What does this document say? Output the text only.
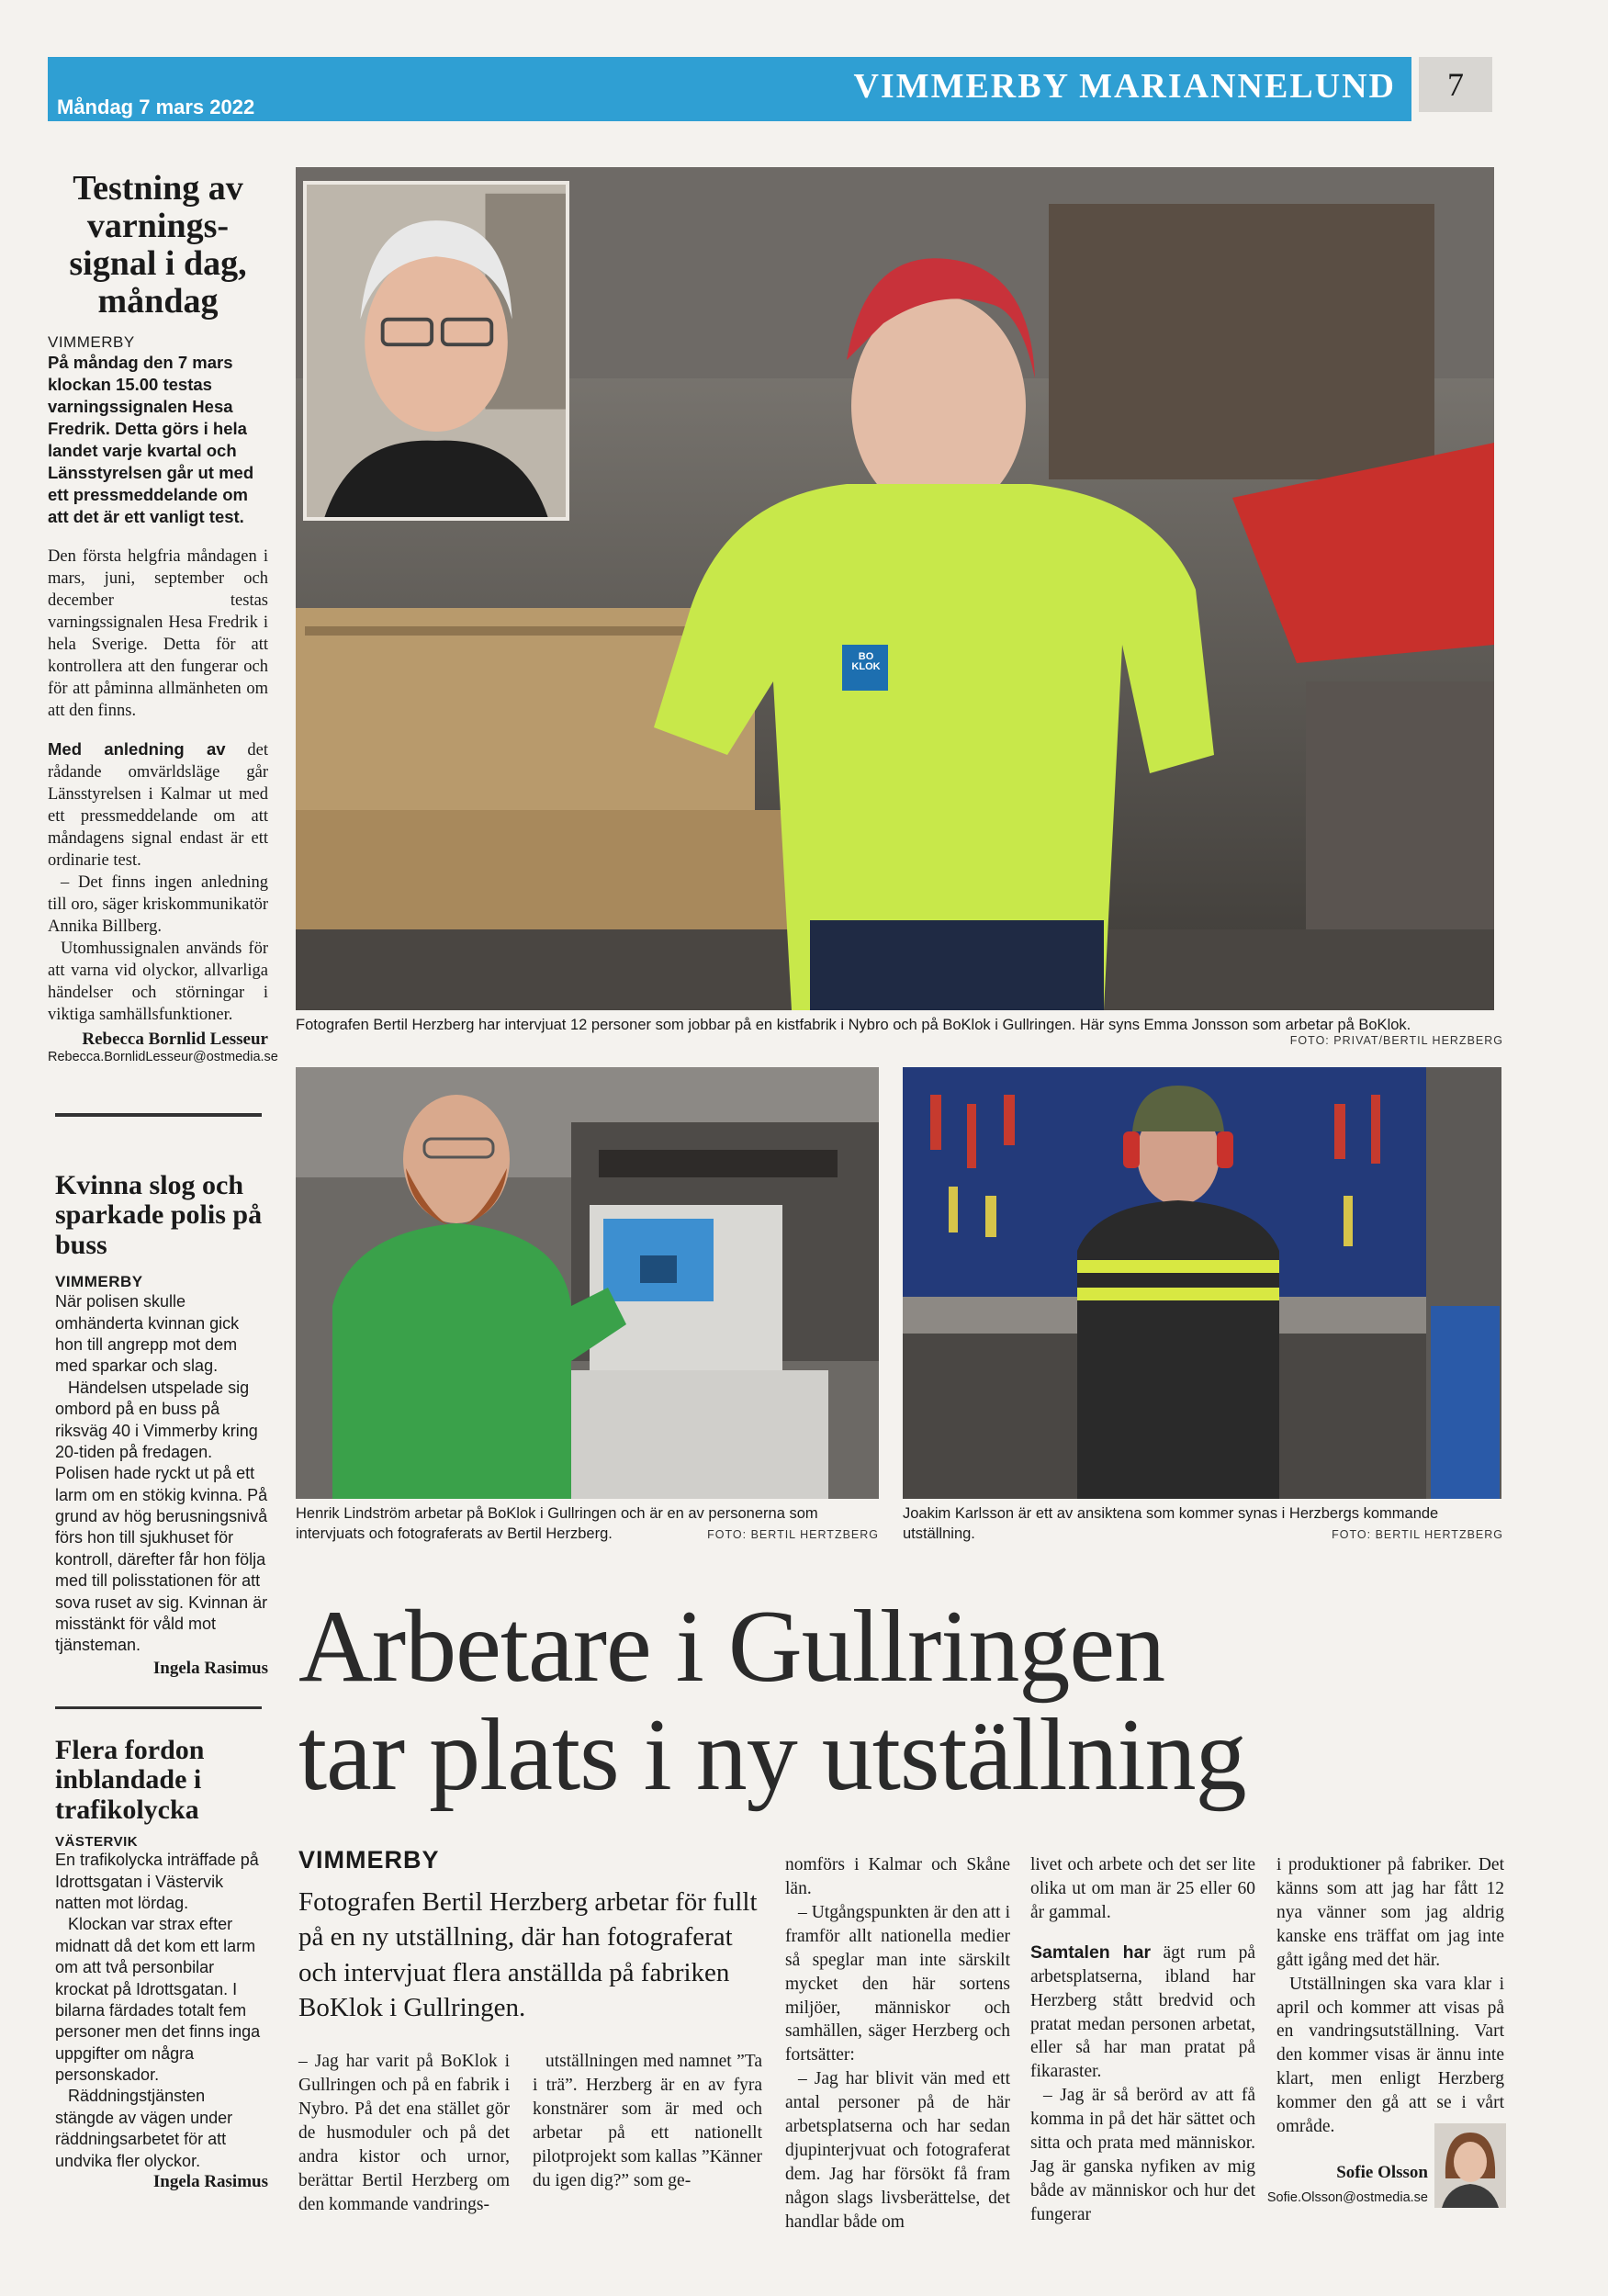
Måndag 7 mars 2022
VIMMERBY MARIANNELUND	7
Testning av varnings-signal i dag, måndag
VIMMERBY
På måndag den 7 mars klockan 15.00 testas varningssignalen Hesa Fredrik. Detta görs i hela landet varje kvartal och Länsstyrelsen går ut med ett pressmeddelande om att det är ett vanligt test.
Den första helgfria måndagen i mars, juni, september och december testas varningssignalen Hesa Fredrik i hela Sverige. Detta för att kontrollera att den fungerar och för att påminna allmänheten om att den finns.
Med anledning av det rådande omvärldsläge går Länsstyrelsen i Kalmar ut med ett pressmeddelande om att måndagens signal endast är ett ordinarie test.
– Det finns ingen anledning till oro, säger kriskommunikatör Annika Billberg.
Utomhussignalen används för att varna vid olyckor, allvarliga händelser och störningar i viktiga samhällsfunktioner.
Rebecca Bornlid Lesseur
Rebecca.BornlidLesseur@ostmedia.se
Kvinna slog och sparkade polis på buss
VIMMERBY
När polisen skulle omhänderta kvinnan gick hon till angrepp mot dem med sparkar och slag.
Händelsen utspelade sig ombord på en buss på riksväg 40 i Vimmerby kring 20-tiden på fredagen. Polisen hade ryckt ut på ett larm om en stökig kvinna. På grund av hög berusningsnivå förs hon till sjukhuset för kontroll, därefter får hon följa med till polisstationen för att sova ruset av sig. Kvinnan är misstänkt för våld mot tjänsteman.
Ingela Rasimus
Flera fordon inblandade i trafikolycka
VÄSTERVIK
En trafikolycka inträffade på Idrottsgatan i Västervik natten mot lördag.
Klockan var strax efter midnatt då det kom ett larm om att två personbilar krockat på Idrottsgatan. I bilarna färdades totalt fem personer men det finns inga uppgifter om några personskador.
Räddningstjänsten stängde av vägen under räddningsarbetet för att undvika fler olyckor.
Ingela Rasimus
BO KLOK
Fotografen Bertil Herzberg har intervjuat 12 personer som jobbar på en kistfabrik i Nybro och på BoKlok i Gullringen. Här syns Emma Jonsson som arbetar på BoKlok.
FOTO: PRIVAT/BERTIL HERZBERG
Henrik Lindström arbetar på BoKlok i Gullringen och är en av personerna som intervjuats och fotograferats av Bertil Herzberg.	FOTO: BERTIL HERTZBERG
Joakim Karlsson är ett av ansiktena som kommer synas i Herzbergs kommande utställning.	FOTO: BERTIL HERTZBERG
Arbetare i Gullringen
tar plats i ny utställning
VIMMERBY
Fotografen Bertil Herzberg arbetar för fullt på en ny utställning, där han fotograferat och intervjuat flera anställda på fabriken BoKlok i Gullringen.
– Jag har varit på BoKlok i Gullringen och på en fabrik i Nybro. På det ena stället gör de husmoduler och på det andra kistor och urnor, berättar Bertil Herzberg om den kommande vandrings-
utställningen med namnet ”Ta i trä”. Herzberg är en av fyra konstnärer som är med och arbetar på ett nationellt pilotprojekt som kallas ”Känner du igen dig?” som ge-

nomförs i Kalmar och Skåne län.

– Utgångspunkten är den att i framför allt nationella medier så speglar man inte särskilt mycket den här sortens miljöer, människor och samhällen, säger Herzberg och fortsätter:

– Jag har blivit vän med ett antal personer på de här arbetsplatserna och har sedan djupinterjvuat och fotograferat dem. Jag har försökt få fram någon slags livsberättelse, det handlar både om

livet och arbete och det ser lite olika ut om man är 25 eller 60 år gammal.

Samtalen har ägt rum på arbetsplatserna, ibland har Herzberg stått bredvid och pratat medan personen arbetat, eller så har man pratat på fikaraster.

– Jag är så berörd av att få komma in på det här sättet och sitta och prata med människor. Jag är ganska nyfiken av mig både av människor och hur det fungerar

i produktioner på fabriker. Det känns som att jag har fått 12 nya vänner som jag aldrig kanske ens träffat om jag inte gått igång med det här.

Utställningen ska vara klar i april och kommer att visas på en vandringsutställning. Vart den kommer visas är ännu inte klart, men enligt Herzberg kommer den gå att se i vårt område.

Sofie Olsson
Sofie.Olsson@ostmedia.se
